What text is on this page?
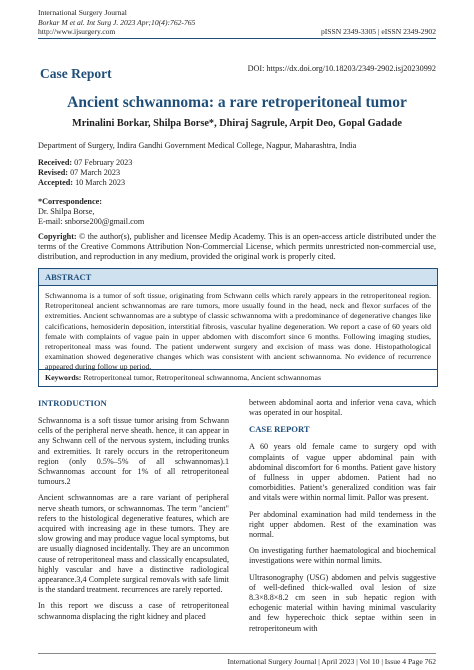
International Surgery Journal
Borkar M et al. Int Surg J. 2023 Apr;10(4):762-765
http://www.ijsurgery.com	pISSN 2349-3305 | eISSN 2349-2902
Case Report	DOI: https://dx.doi.org/10.18203/2349-2902.isj20230992
Ancient schwannoma: a rare retroperitoneal tumor
Mrinalini Borkar, Shilpa Borse*, Dhiraj Sagrule, Arpit Deo, Gopal Gadade
Department of Surgery, Indira Gandhi Government Medical College, Nagpur, Maharashtra, India
Received: 07 February 2023
Revised: 07 March 2023
Accepted: 10 March 2023
*Correspondence:
Dr. Shilpa Borse,
E-mail: snborse200@gmail.com
Copyright: © the author(s), publisher and licensee Medip Academy. This is an open-access article distributed under the terms of the Creative Commons Attribution Non-Commercial License, which permits unrestricted non-commercial use, distribution, and reproduction in any medium, provided the original work is properly cited.
ABSTRACT
Schwannoma is a tumor of soft tissue, originating from Schwann cells which rarely appears in the retroperitoneal region. Retroperitoneal ancient schwannomas are rare tumors, more usually found in the head, neck and flexor surfaces of the extremities. Ancient schwannomas are a subtype of classic schwannoma with a predominance of degenerative changes like calcifications, hemosiderin deposition, interstitial fibrosis, vascular hyaline degeneration. We report a case of 60 years old female with complaints of vague pain in upper abdomen with discomfort since 6 months. Following imaging studies, retroperitoneal mass was found. The patient underwent surgery and excision of mass was done. Histopathological examination showed degenerative changes which was consistent with ancient schwannoma. No evidence of recurrence appeared during follow up period.
Keywords: Retroperitoneal tumor, Retroperitoneal schwannoma, Ancient schwannomas
INTRODUCTION

Schwannoma is a soft tissue tumor arising from Schwann cells of the peripheral nerve sheath. hence, it can appear in any Schwann cell of the nervous system, including trunks and extremities. It rarely occurs in the retroperitoneum region (only 0.5%–5% of all schwannomas).1 Schwannomas account for 1% of all retroperitoneal tumours.2

Ancient schwannomas are a rare variant of peripheral nerve sheath tumors, or schwannomas. The term "ancient" refers to the histological degenerative features, which are acquired with increasing age in these tumors. They are slow growing and may produce vague local symptoms, but are usually diagnosed incidentally. They are an uncommon cause of retroperitoneal mass and classically encapsulated, highly vascular and have a distinctive radiological appearance.3,4 Complete surgical removals with safe limit is the standard treatment. recurrences are rarely reported.

In this report we discuss a case of retroperitoneal schwannoma displacing the right kidney and placed

between abdominal aorta and inferior vena cava, which was operated in our hospital.

CASE REPORT

A 60 years old female came to surgery opd with complaints of vague upper abdominal pain with abdominal discomfort for 6 months. Patient gave history of fullness in upper abdomen. Patient had no comorbidities. Patient’s generalized condition was fair and vitals were within normal limit. Pallor was present.

Per abdominal examination had mild tenderness in the right upper abdomen. Rest of the examination was normal.

On investigating further haematological and biochemical investigations were within normal limits.

Ultrasonography (USG) abdomen and pelvis suggestive of well-defined thick-walled oval lesion of size 8.3×8.8×8.2 cm seen in sub hepatic region with echogenic material within having minimal vascularity and few hyperechoic thick septae within seen in retroperitoneum with

International Surgery Journal | April 2023 | Vol 10 | Issue 4 Page 762
